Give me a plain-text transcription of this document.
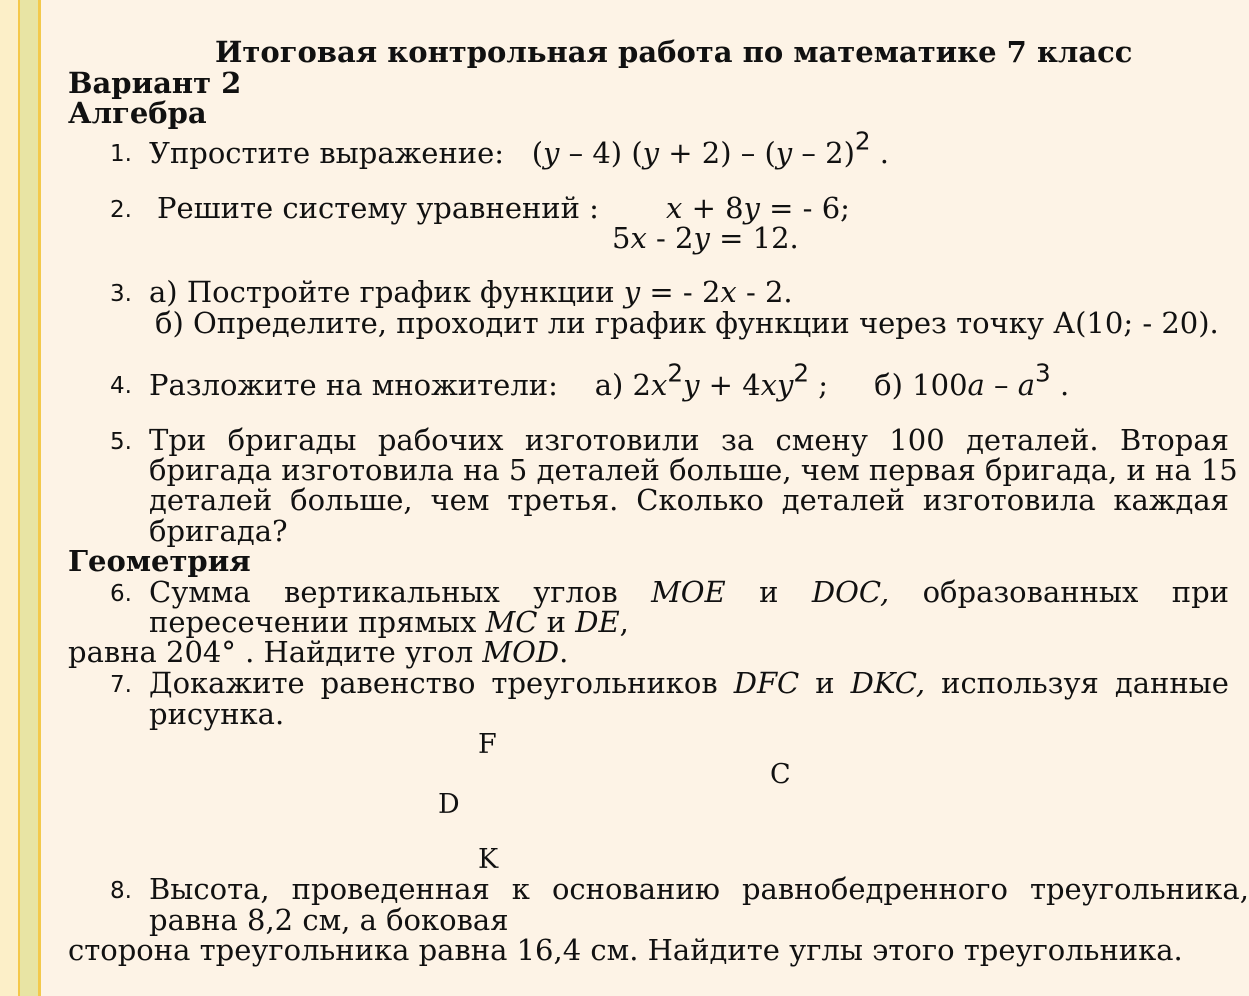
Итоговая контрольная работа по математике 7 класс
Вариант 2
Алгебра
1. Упростите выражение:   (y – 4) (y + 2) – (y – 2)$^2$ .
2. Решите систему уравнений : x + 8y = - 6;
5x - 2y = 12.
3. а) Постройте график функции y = - 2x - 2.
б) Определите, проходит ли график функции через точку А(10; - 20).
4. Разложите на множители: а) $2x^2y + 4xy^2$ ;     б) $100a - a^3$ .
5. Три бригады рабочих изготовили за смену 100 деталей. Вторая
бригада изготовила на 5 деталей больше, чем первая бригада, и на 15
деталей больше, чем третья. Сколько деталей изготовила каждая
бригада?
Геометрия
6. Сумма вертикальных углов MOE и DOC, образованных при
пересечении прямых MC и DE,
равна 204° . Найдите угол MOD.
7. Докажите равенство треугольников DFC и DKC, используя данные
рисунка.
F
C
D
K
8. Высота, проведенная к основанию равнобедренного треугольника,
равна 8,2 см, а боковая
сторона треугольника равна 16,4 см. Найдите углы этого треугольника.
